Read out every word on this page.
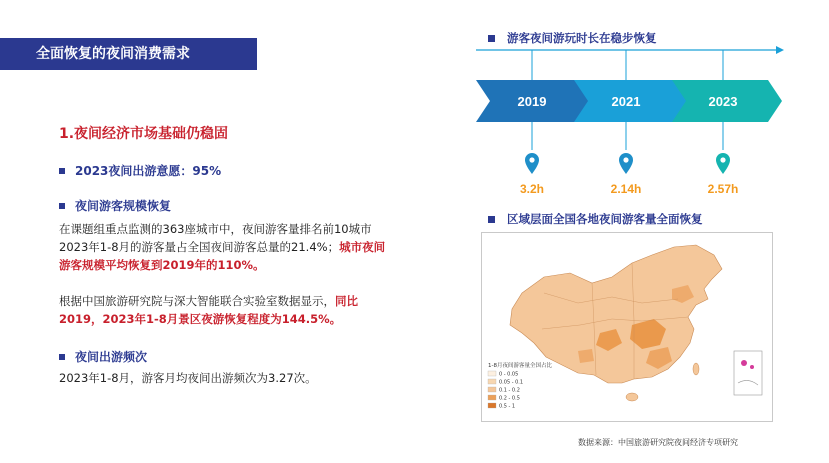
全面恢复的夜间消费需求
1.夜间经济市场基础仍稳固
2023夜间出游意愿：95%
夜间游客规模恢复
在课题组重点监测的363座城市中，夜间游客量排名前10城市
2023年1-8月的游客量占全国夜间游客总量的21.4%；城市夜间
游客规模平均恢复到2019年的110%。
根据中国旅游研究院与深大智能联合实验室数据显示，同比
2019，2023年1-8月景区夜游恢复程度为144.5%。
夜间出游频次
2023年1-8月，游客月均夜间出游频次为3.27次。
游客夜间游玩时长在稳步恢复
2019	2021	2023
3.2h	2.14h	2.57h
区域层面全国各地夜间游客量全面恢复
1-8月夜间游客量全国占比
0 - 0.05
0.05 - 0.1
0.1 - 0.2
0.2 - 0.5
0.5 - 1
数据来源：中国旅游研究院夜间经济专项研究
